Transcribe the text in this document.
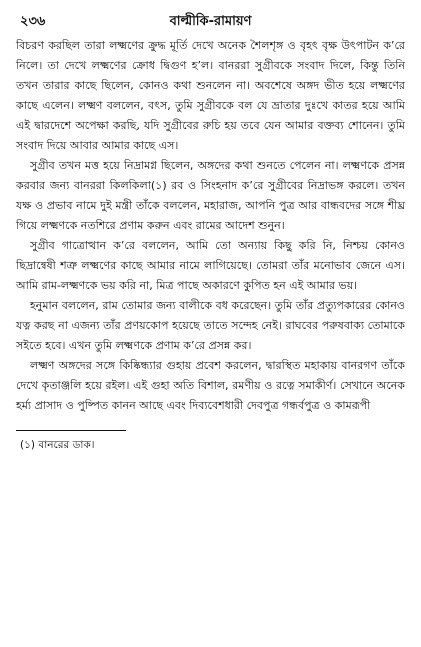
২৩৬	বাল্মীকি-রামায়ণ

বিচরণ করছিল তারা লক্ষ্মণের ক্রুদ্ধ মূর্তি দেখে অনেক শৈলশৃঙ্গ ও বৃহৎ বৃক্ষ উৎপাটন ক’রে নিলে। তা দেখে লক্ষ্মণের ক্রোধ দ্বিগুণ হ’ল। বানররা সুগ্রীবকে সংবাদ দিলে, কিন্তু তিনি তখন তারার কাছে ছিলেন, কোনও কথা শুনলেন না। অবশেষে অঙ্গদ ভীত হয়ে লক্ষ্মণের কাছে এলেন। লক্ষ্মণ বললেন, বৎস, তুমি সুগ্রীবকে বল যে ভ্রাতার দুঃখে কাতর হয়ে আমি এই দ্বারদেশে অপেক্ষা করছি, যদি সুগ্রীবের রুচি হয় তবে যেন আমার বক্তব্য শোনেন। তুমি সংবাদ দিয়ে আবার আমার কাছে এস।

সুগ্রীব তখন মত্ত হয়ে নিদ্রামগ্ন ছিলেন, অঙ্গদের কথা শুনতে পেলেন না। লক্ষ্মণকে প্রসন্ন করবার জন্য বানররা কিলকিলা(১) রব ও সিংহনাদ ক’রে সুগ্রীবের নিদ্রাভঙ্গ করলে। তখন যক্ষ ও প্রভাব নামে দুই মন্ত্রী তাঁকে বললেন, মহারাজ, আপনি পুত্র আর বান্ধবদের সঙ্গে শীঘ্র গিয়ে লক্ষ্মণকে নতশিরে প্রণাম করুন এবং রামের আদেশ শুনুন।

সুগ্রীব গাত্রোত্থান ক’রে বললেন, আমি তো অন্যায় কিছু করি নি, নিশ্চয় কোনও ছিদ্রান্বেষী শত্রু লক্ষ্মণের কাছে আমার নামে লাগিয়েছে। তোমরা তাঁর মনোভাব জেনে এস। আমি রাম-লক্ষ্মণকে ভয় করি না, মিত্র পাছে অকারণে কুপিত হন এই আমার ভয়।

হনুমান বললেন, রাম তোমার জন্য বালীকে বধ করেছেন। তুমি তাঁর প্রত্যুপকারের কোনও যত্ন করছ না এজন্য তাঁর প্রণয়কোপ হয়েছে তাতে সন্দেহ নেই। রাঘবের পরুষবাক্য তোমাকে সইতে হবে। এখন তুমি লক্ষ্মণকে প্রণাম ক’রে প্রসন্ন কর।

লক্ষ্মণ অঙ্গদের সঙ্গে কিষ্কিন্ধ্যার গুহায় প্রবেশ করলেন, দ্বারস্থিত মহাকায় বানরগণ তাঁকে দেখে কৃতাঞ্জলি হয়ে রইল। এই গুহা অতি বিশাল, রমণীয় ও রত্নে সমাকীর্ণ। সেখানে অনেক হর্ম্য প্রাসাদ ও পুষ্পিত কানন আছে এবং দিব্যবেশধারী দেবপুত্র গন্ধর্বপুত্র ও কামরূপী

(১) বানরের ডাক।
